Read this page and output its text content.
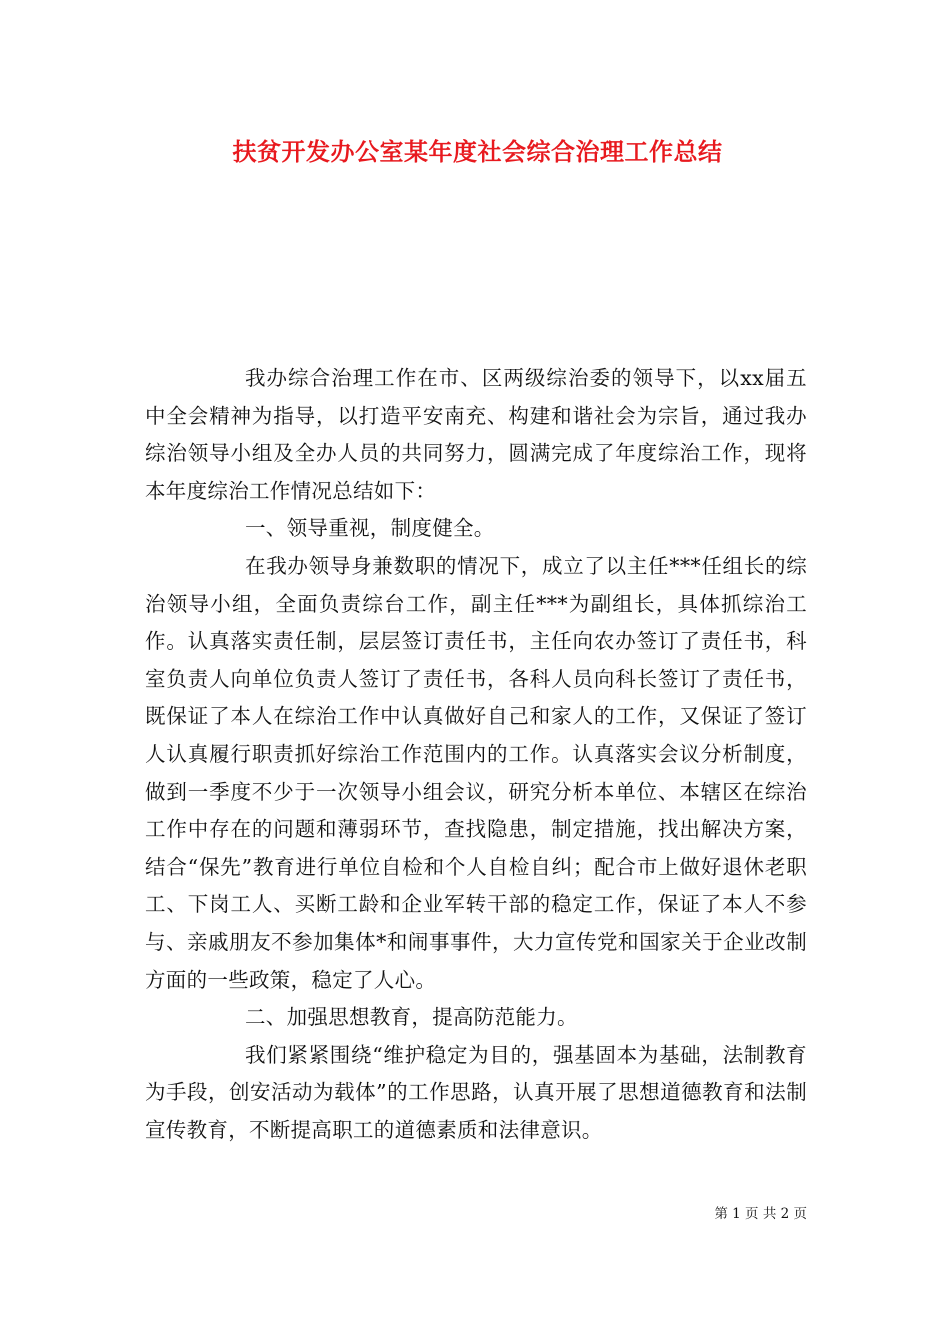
扶贫开发办公室某年度社会综合治理工作总结

我办综合治理工作在市、区两级综治委的领导下，以xx届五中全会精神为指导，以打造平安南充、构建和谐社会为宗旨，通过我办综治领导小组及全办人员的共同努力，圆满完成了年度综治工作，现将本年度综治工作情况总结如下：

一、领导重视，制度健全。

在我办领导身兼数职的情况下，成立了以主任***任组长的综治领导小组，全面负责综台工作，副主任***为副组长，具体抓综治工作。认真落实责任制，层层签订责任书，主任向农办签订了责任书，科室负责人向单位负责人签订了责任书，各科人员向科长签订了责任书，既保证了本人在综治工作中认真做好自己和家人的工作，又保证了签订人认真履行职责抓好综治工作范围内的工作。认真落实会议分析制度，做到一季度不少于一次领导小组会议，研究分析本单位、本辖区在综治工作中存在的问题和薄弱环节，查找隐患，制定措施，找出解决方案，结合“保先”教育进行单位自检和个人自检自纠；配合市上做好退休老职工、下岗工人、买断工龄和企业军转干部的稳定工作，保证了本人不参与、亲戚朋友不参加集体*和闹事事件，大力宣传党和国家关于企业改制方面的一些政策，稳定了人心。

二、加强思想教育，提高防范能力。

我们紧紧围绕“维护稳定为目的，强基固本为基础，法制教育为手段，创安活动为载体”的工作思路，认真开展了思想道德教育和法制宣传教育，不断提高职工的道德素质和法律意识。

第 1 页 共 2 页
